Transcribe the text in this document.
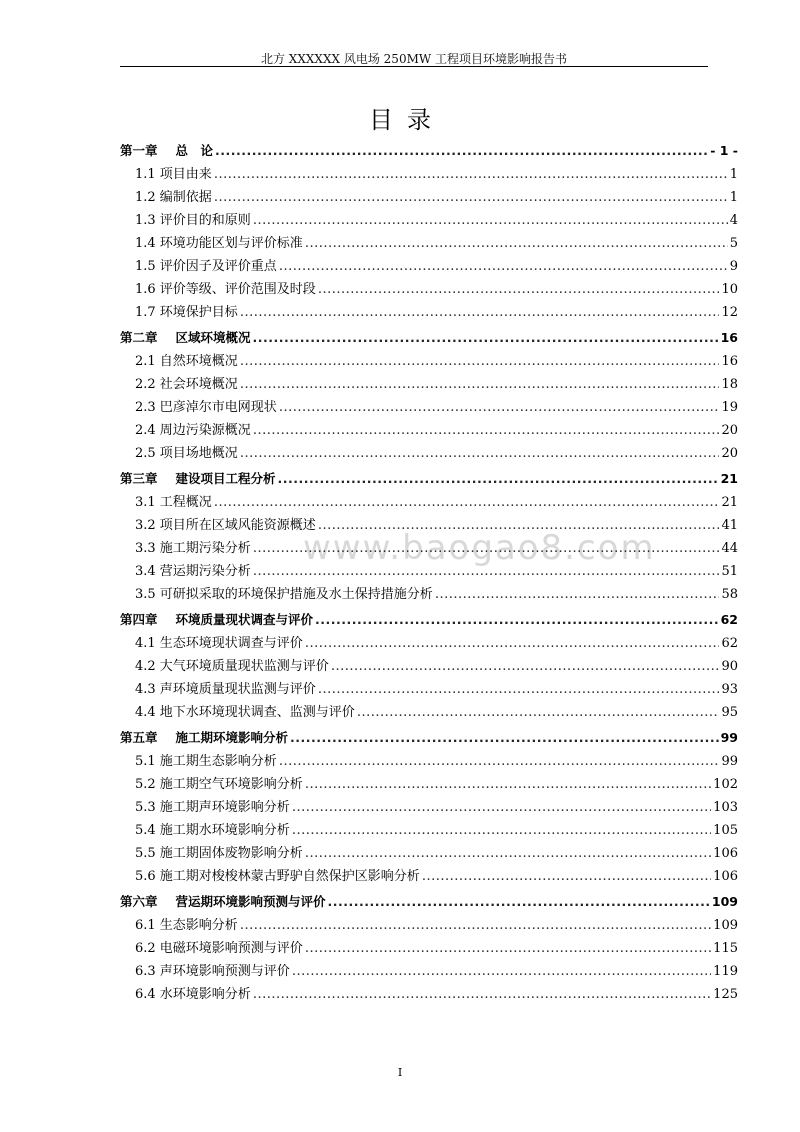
北方 XXXXXX 风电场 250MW 工程项目环境影响报告书
目录
www.baogao8.com
第一章 总　论 .....	- 1 -
1.1 项目由来 .....	1
1.2 编制依据 .....	1
1.3 评价目的和原则 .....	4
1.4 环境功能区划与评价标准 .....	5
1.5 评价因子及评价重点 .....	9
1.6 评价等级、评价范围及时段 .....	10
1.7 环境保护目标 .....	12
第二章 区域环境概况 .....	16
2.1 自然环境概况 .....	16
2.2 社会环境概况 .....	18
2.3 巴彦淖尔市电网现状 .....	19
2.4 周边污染源概况 .....	20
2.5 项目场地概况 .....	20
第三章 建设项目工程分析 .....	21
3.1 工程概况 .....	21
3.2 项目所在区域风能资源概述 .....	41
3.3 施工期污染分析 .....	44
3.4 营运期污染分析 .....	51
3.5 可研拟采取的环境保护措施及水土保持措施分析 .....	58
第四章 环境质量现状调查与评价 .....	62
4.1 生态环境现状调查与评价 .....	62
4.2 大气环境质量现状监测与评价 .....	90
4.3 声环境质量现状监测与评价 .....	93
4.4 地下水环境现状调查、监测与评价 .....	95
第五章 施工期环境影响分析 .....	99
5.1 施工期生态影响分析 .....	99
5.2 施工期空气环境影响分析 .....	102
5.3 施工期声环境影响分析 .....	103
5.4 施工期水环境影响分析 .....	105
5.5 施工期固体废物影响分析 .....	106
5.6 施工期对梭梭林蒙古野驴自然保护区影响分析 .....	106
第六章 营运期环境影响预测与评价 .....	109
6.1 生态影响分析 .....	109
6.2 电磁环境影响预测与评价 .....	115
6.3 声环境影响预测与评价 .....	119
6.4 水环境影响分析 .....	125
I
